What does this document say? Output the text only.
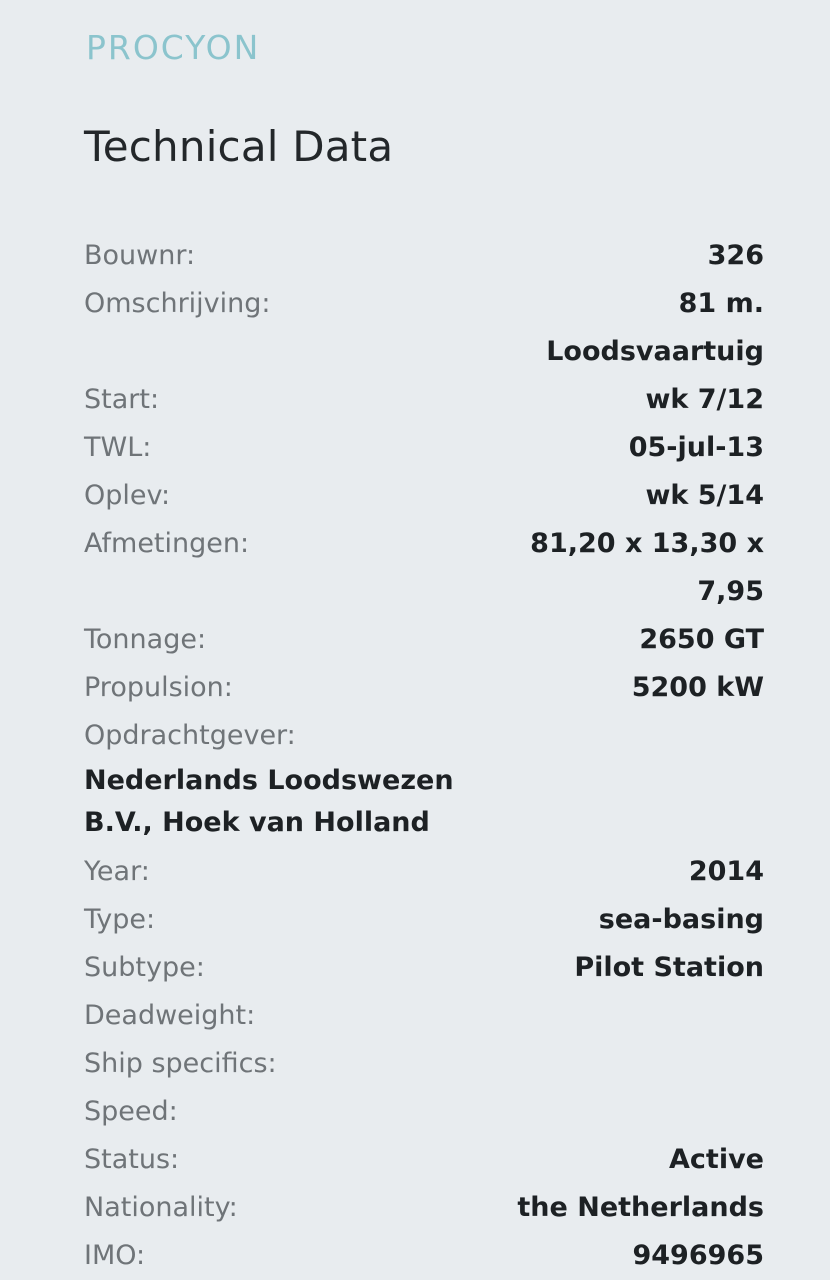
PROCYON
Technical Data
Bouwnr:	326
Omschrijving:	81 m. Loodsvaartuig
Start:	wk 7/12
TWL:	05-jul-13
Oplev:	wk 5/14
Afmetingen:	81,20 x 13,30 x 7,95
Tonnage:	2650 GT
Propulsion:	5200 kW

Opdrachtgever:

Nederlands Loodswezen B.V., Hoek van Holland

Year:	2014
Type:	sea-basing
Subtype:	Pilot Station
Deadweight:	
Ship specifics:	
Speed:	
Status:	Active
Nationality:	the Netherlands
IMO:	9496965
